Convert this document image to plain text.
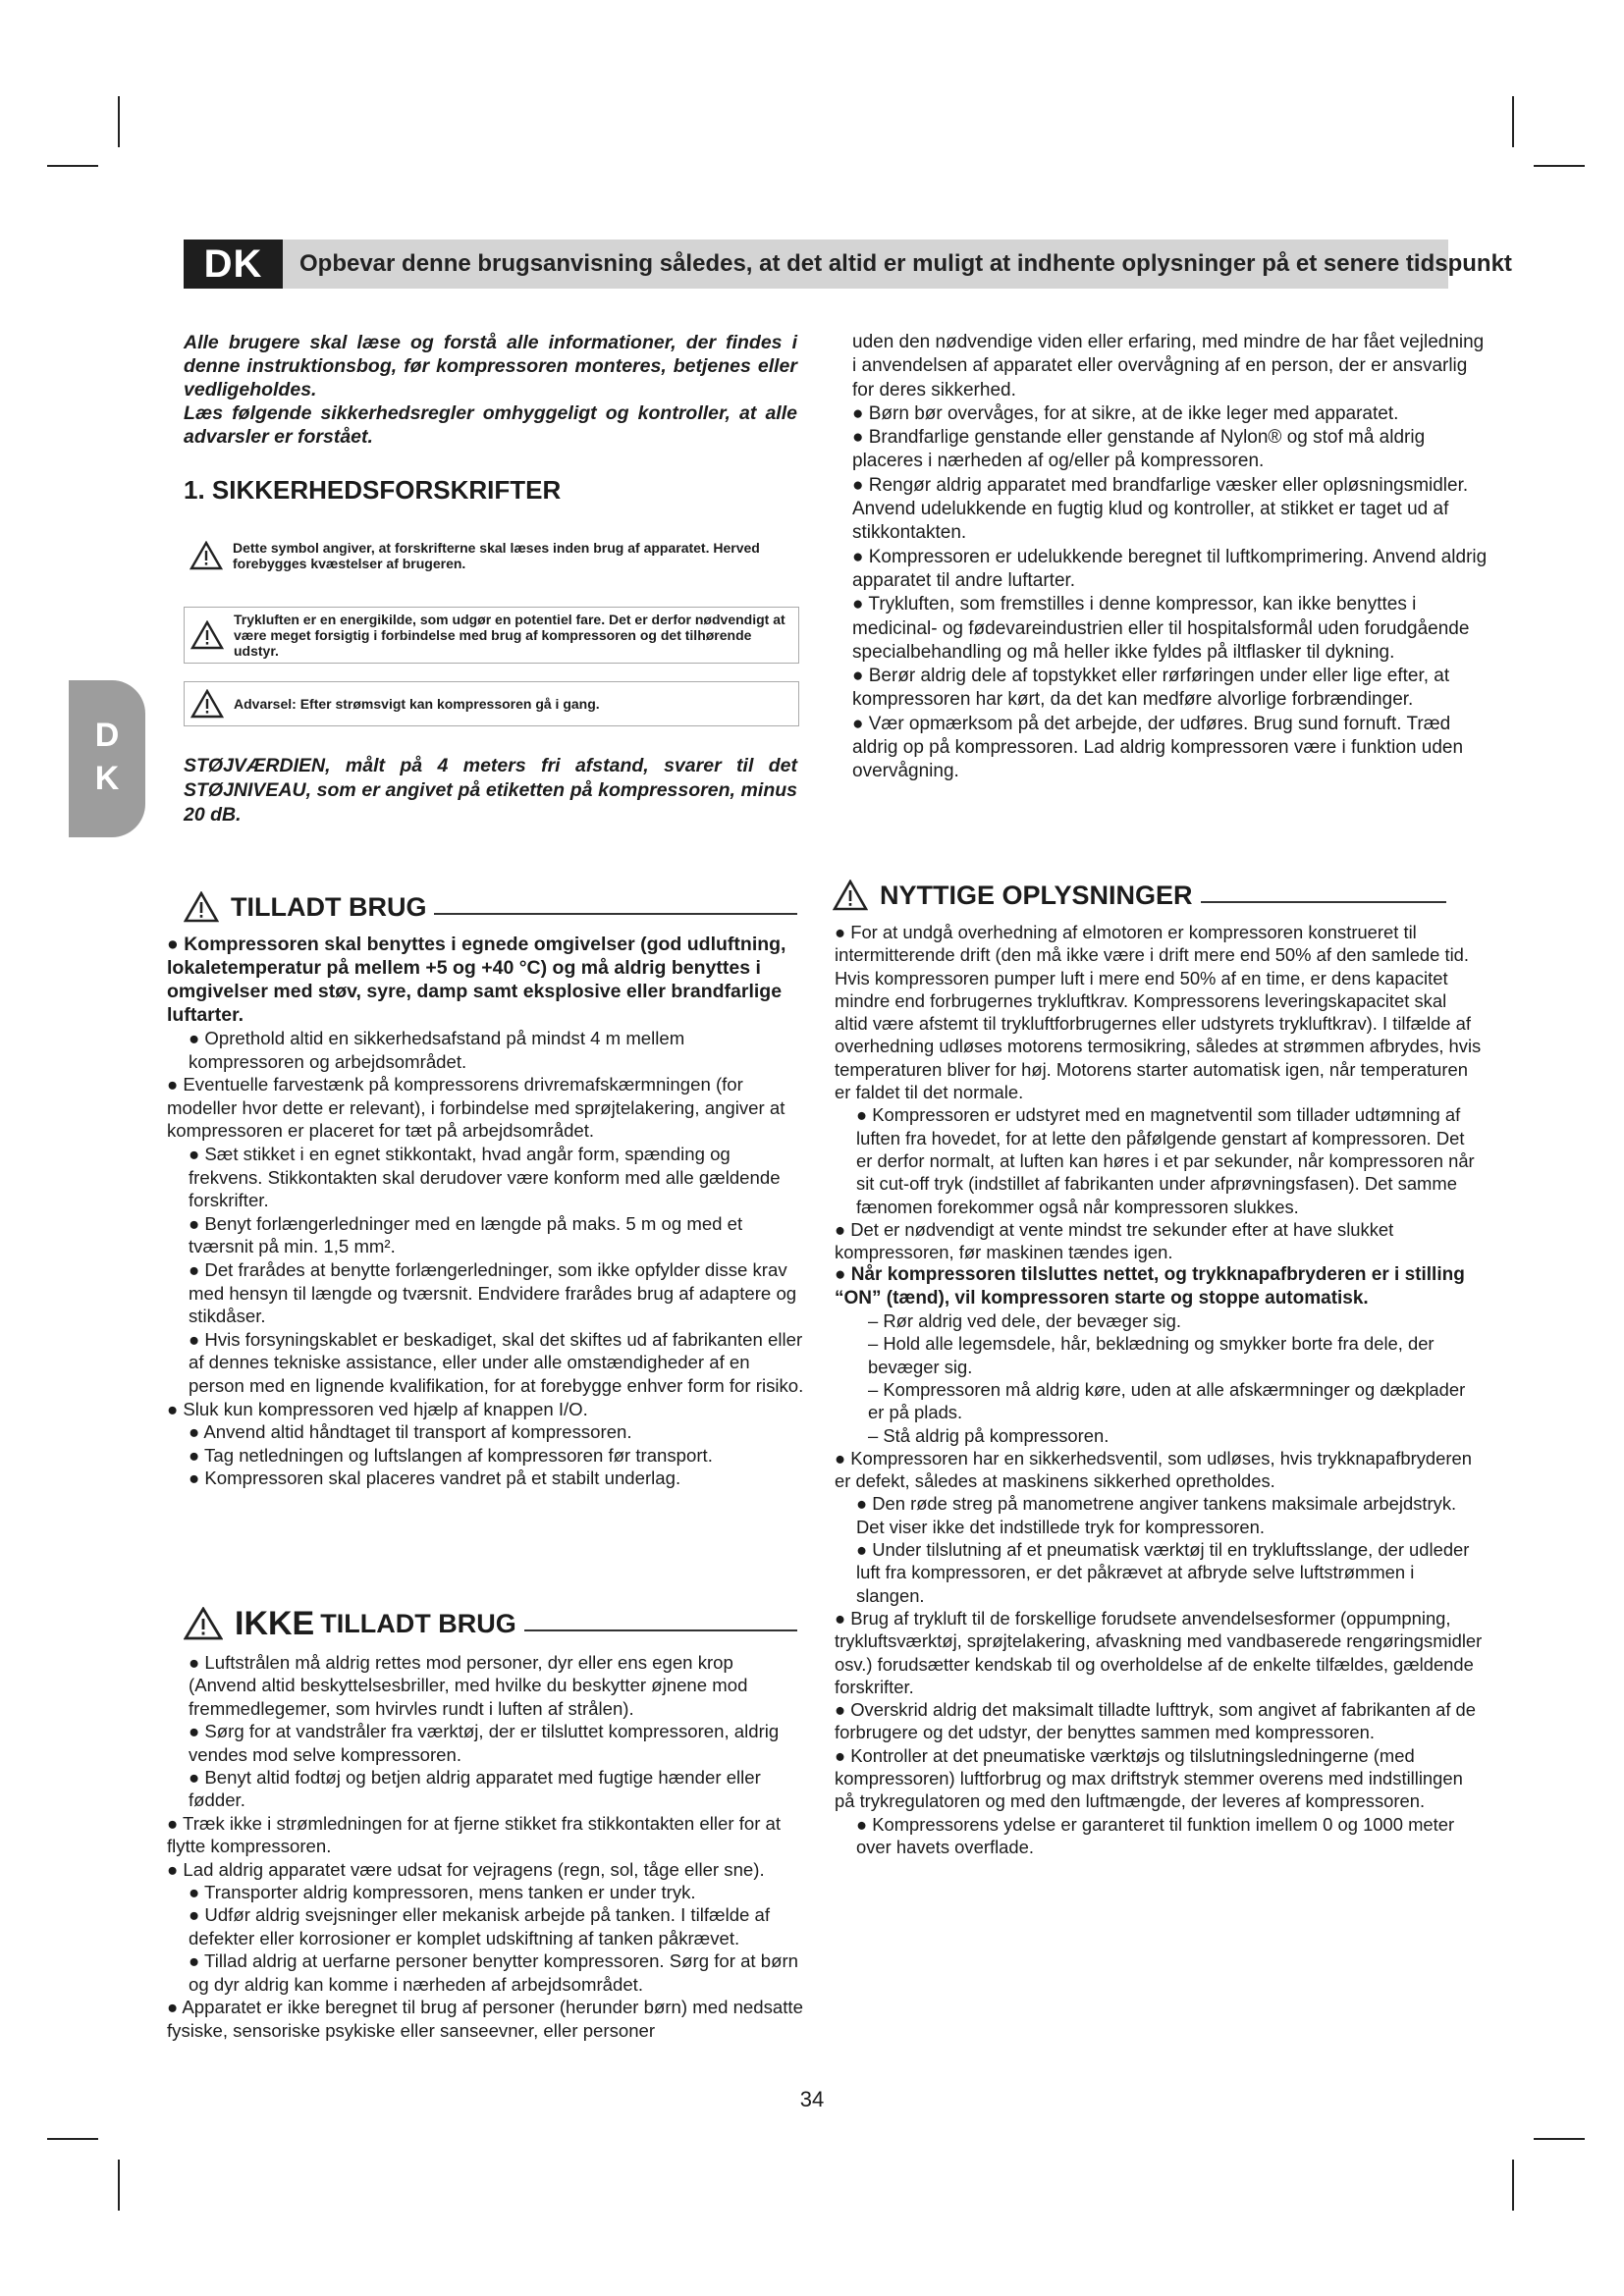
DK	Opbevar denne brugsanvisning således, at det altid er muligt at indhente oplysninger på et senere tidspunkt
D
K

Alle brugere skal læse og forstå alle informationer, der findes i denne instruktionsbog, før kompressoren monteres, betjenes eller vedligeholdes.

Læs følgende sikkerhedsregler omhyggeligt og kontroller, at alle advarsler er forstået.

1. SIKKERHEDSFORSKRIFTER

Dette symbol angiver, at forskrifterne skal læses inden brug af apparatet. Herved forebygges kvæstelser af brugeren.
Trykluften er en energikilde, som udgør en potentiel fare. Det er derfor nødvendigt at være meget forsigtig i forbindelse med brug af kompressoren og det tilhørende udstyr.
Advarsel: Efter strømsvigt kan kompressoren gå i gang.
STØJVÆRDIEN, målt på 4 meters fri afstand, svarer til det STØJNIVEAU, som er angivet på etiketten på kompressoren, minus 20 dB.

uden den nødvendige viden eller erfaring, med mindre de har fået vejledning i anvendelsen af apparatet eller overvågning af en person, der er ansvarlig for deres sikkerhed.

● Børn bør overvåges, for at sikre, at de ikke leger med apparatet.

● Brandfarlige genstande eller genstande af Nylon® og stof må aldrig placeres i nærheden af og/eller på kompressoren.

● Rengør aldrig apparatet med brandfarlige væsker eller opløsningsmidler. Anvend udelukkende en fugtig klud og kontroller, at stikket er taget ud af stikkontakten.

● Kompressoren er udelukkende beregnet til luftkomprimering. Anvend aldrig apparatet til andre luftarter.

● Trykluften, som fremstilles i denne kompressor, kan ikke benyttes i medicinal- og fødevareindustrien eller til hospitalsformål uden forudgående specialbehandling og må heller ikke fyldes på iltflasker til dykning.

● Berør aldrig dele af topstykket eller rørføringen under eller lige efter, at kompressoren har kørt, da det kan medføre alvorlige forbrændinger.

● Vær opmærksom på det arbejde, der udføres. Brug sund fornuft. Træd aldrig op på kompressoren. Lad aldrig kompressoren være i funktion uden overvågning.

TILLADT BRUG

● Kompressoren skal benyttes i egnede omgivelser (god udluftning, lokaletemperatur på mellem +5 og +40 °C) og må aldrig benyttes i omgivelser med støv, syre, damp samt eksplosive eller brandfarlige luftarter.

● Oprethold altid en sikkerhedsafstand på mindst 4 m mellem kompressoren og arbejdsområdet.

● Eventuelle farvestænk på kompressorens drivremafskærmningen (for modeller hvor dette er relevant), i forbindelse med sprøjtelakering, angiver at kompressoren er placeret for tæt på arbejdsområdet.

● Sæt stikket i en egnet stikkontakt, hvad angår form, spænding og frekvens. Stikkontakten skal derudover være konform med alle gældende forskrifter.

● Benyt forlængerledninger med en længde på maks. 5 m og med et tværsnit på min. 1,5 mm².

● Det frarådes at benytte forlængerledninger, som ikke opfylder disse krav med hensyn til længde og tværsnit. Endvidere frarådes brug af adaptere og stikdåser.

● Hvis forsyningskablet er beskadiget, skal det skiftes ud af fabrikanten eller af dennes tekniske assistance, eller under alle omstændigheder af en person med en lignende kvalifikation, for at forebygge enhver form for risiko.

● Sluk kun kompressoren ved hjælp af knappen I/O.

● Anvend altid håndtaget til transport af kompressoren.

● Tag netledningen og luftslangen af kompressoren før transport.

● Kompressoren skal placeres vandret på et stabilt underlag.

IKKE TILLADT BRUG

● Luftstrålen må aldrig rettes mod personer, dyr eller ens egen krop (Anvend altid beskyttelsesbriller, med hvilke du beskytter øjnene mod fremmedlegemer, som hvirvles rundt i luften af strålen).

● Sørg for at vandstråler fra værktøj, der er tilsluttet kompressoren, aldrig vendes mod selve kompressoren.

● Benyt altid fodtøj og betjen aldrig apparatet med fugtige hænder eller fødder.

● Træk ikke i strømledningen for at fjerne stikket fra stikkontakten eller for at flytte kompressoren.

● Lad aldrig apparatet være udsat for vejragens (regn, sol, tåge eller sne).

● Transporter aldrig kompressoren, mens tanken er under tryk.

● Udfør aldrig svejsninger eller mekanisk arbejde på tanken. I tilfælde af defekter eller korrosioner er komplet udskiftning af tanken påkrævet.

● Tillad aldrig at uerfarne personer benytter kompressoren. Sørg for at børn og dyr aldrig kan komme i nærheden af arbejdsområdet.

● Apparatet er ikke beregnet til brug af personer (herunder børn) med nedsatte fysiske, sensoriske psykiske eller sanseevner, eller personer

NYTTIGE OPLYSNINGER

● For at undgå overhedning af elmotoren er kompressoren konstrueret til intermitterende drift (den må ikke være i drift mere end 50% af den samlede tid. Hvis kompressoren pumper luft i mere end 50% af en time, er dens kapacitet mindre end forbrugernes trykluftkrav. Kompressorens leveringskapacitet skal altid være afstemt til trykluftforbrugernes eller udstyrets trykluftkrav). I tilfælde af overhedning udløses motorens termosikring, således at strømmen afbrydes, hvis temperaturen bliver for høj. Motorens starter automatisk igen, når temperaturen er faldet til det normale.

● Kompressoren er udstyret med en magnetventil som tillader udtømning af luften fra hovedet, for at lette den påfølgende genstart af kompressoren. Det er derfor normalt, at luften kan høres i et par sekunder, når kompressoren når sit cut-off tryk (indstillet af fabrikanten under afprøvningsfasen). Det samme fænomen forekommer også når kompressoren slukkes.

● Det er nødvendigt at vente mindst tre sekunder efter at have slukket kompressoren, før maskinen tændes igen.

● Når kompressoren tilsluttes nettet, og trykknapafbryderen er i stilling “ON” (tænd), vil kompressoren starte og stoppe automatisk.

– Rør aldrig ved dele, der bevæger sig.

– Hold alle legemsdele, hår, beklædning og smykker borte fra dele, der bevæger sig.

– Kompressoren må aldrig køre, uden at alle afskærmninger og dækplader er på plads.

– Stå aldrig på kompressoren.

● Kompressoren har en sikkerhedsventil, som udløses, hvis trykknapafbryderen er defekt, således at maskinens sikkerhed opretholdes.

● Den røde streg på manometrene angiver tankens maksimale arbejdstryk. Det viser ikke det indstillede tryk for kompressoren.

● Under tilslutning af et pneumatisk værktøj til en trykluftsslange, der udleder luft fra kompressoren, er det påkrævet at afbryde selve luftstrømmen i slangen.

● Brug af trykluft til de forskellige forudsete anvendelsesformer (oppumpning, trykluftsværktøj, sprøjtelakering, afvaskning med vandbaserede rengøringsmidler osv.) forudsætter kendskab til og overholdelse af de enkelte tilfældes, gældende forskrifter.

● Overskrid aldrig det maksimalt tilladte lufttryk, som angivet af fabrikanten af de forbrugere og det udstyr, der benyttes sammen med kompressoren.

● Kontroller at det pneumatiske værktøjs og tilslutningsledningerne (med kompressoren) luftforbrug og max driftstryk stemmer overens med indstillingen på trykregulatoren og med den luftmængde, der leveres af kompressoren.

● Kompressorens ydelse er garanteret til funktion imellem 0 og 1000 meter over havets overflade.

34
